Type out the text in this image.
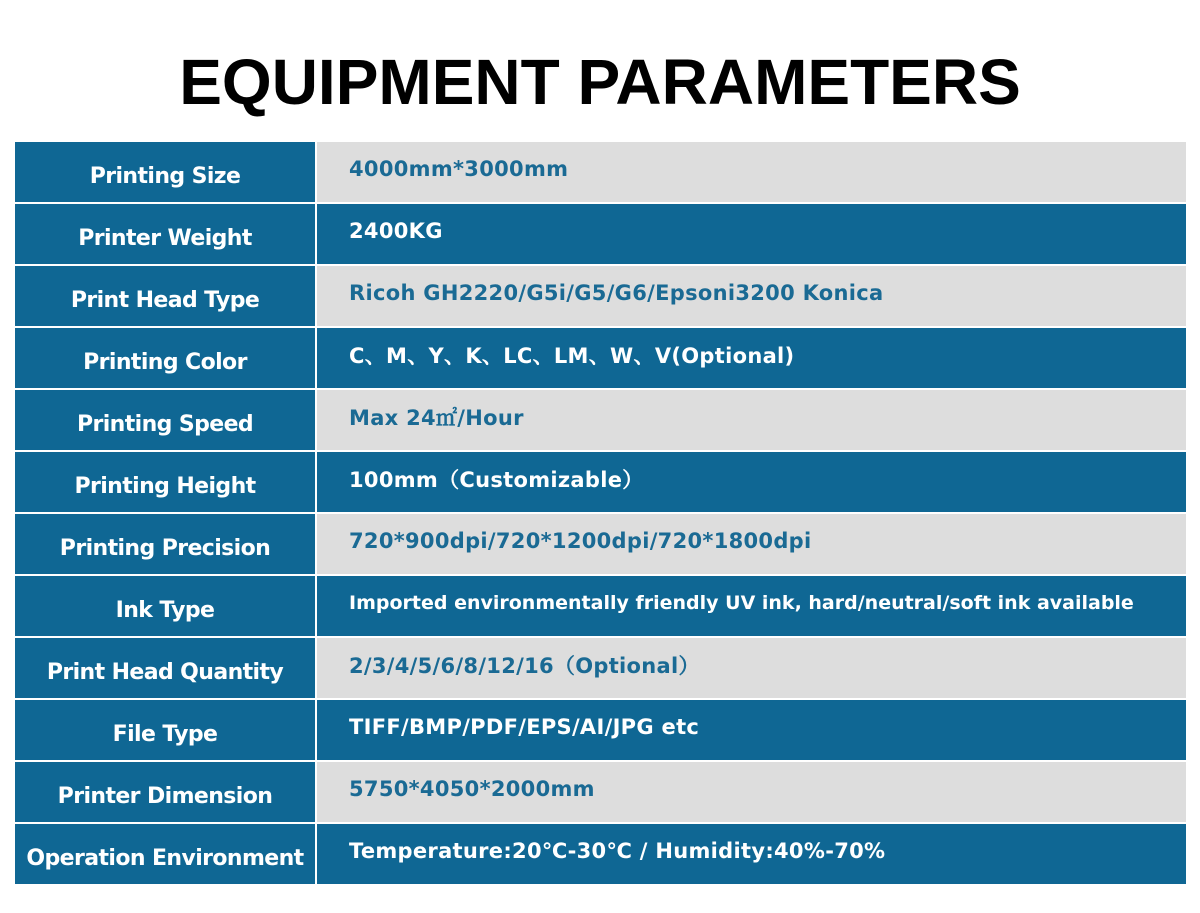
EQUIPMENT PARAMETERS
Printing Size	4000mm*3000mm
Printer Weight	2400KG
Print Head Type	Ricoh GH2220/G5i/G5/G6/Epsoni3200 Konica
Printing Color	C、M、Y、K、LC、LM、W、V(Optional)
Printing Speed	Max 24㎡/Hour
Printing Height	100mm（Customizable）
Printing Precision	720*900dpi/720*1200dpi/720*1800dpi
Ink Type	Imported environmentally friendly UV ink, hard/neutral/soft ink available
Print Head Quantity	2/3/4/5/6/8/12/16（Optional）
File Type	TIFF/BMP/PDF/EPS/AI/JPG etc
Printer Dimension	5750*4050*2000mm
Operation Environment	Temperature:20℃-30℃ / Humidity:40%-70%
